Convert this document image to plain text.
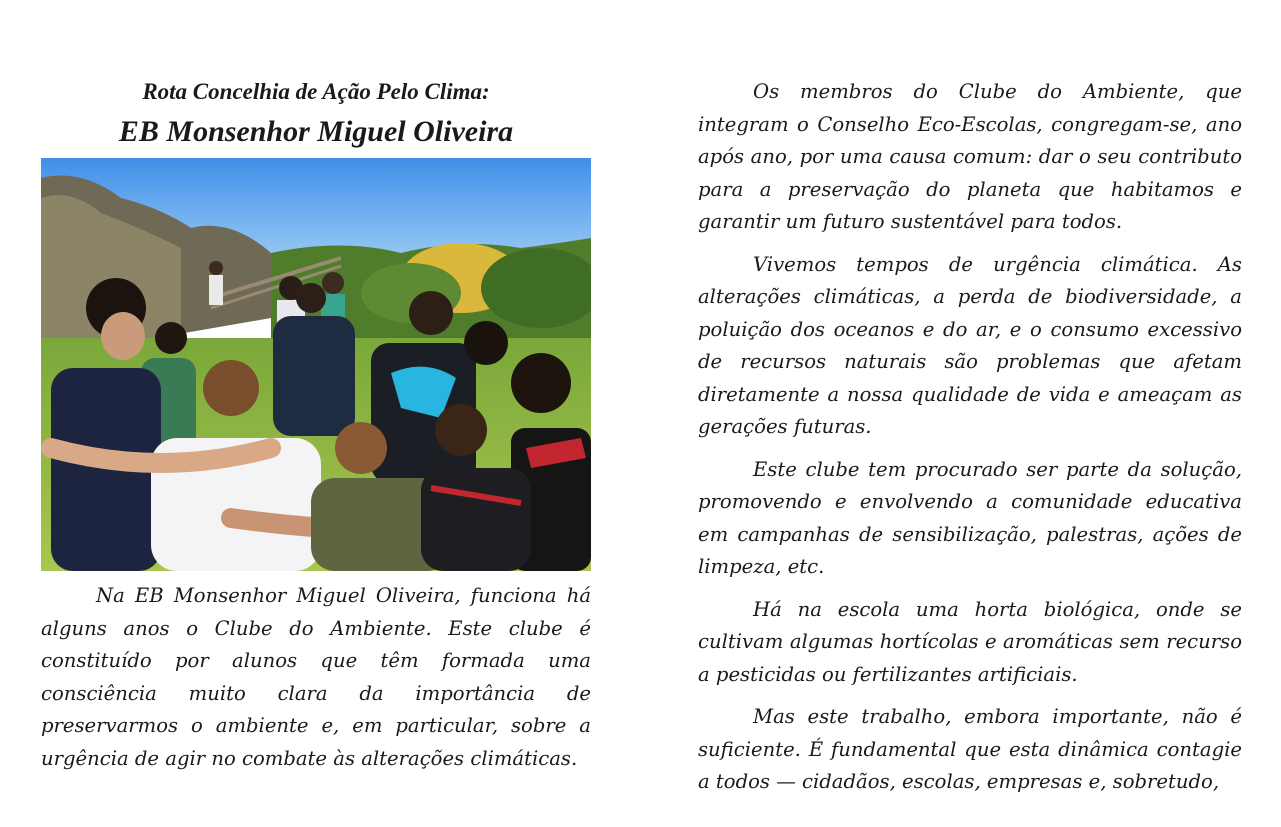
Rota Concelhia de Ação Pelo Clima:
EB Monsenhor Miguel Oliveira

Na EB Monsenhor Miguel Oliveira, funciona há alguns anos o Clube do Ambiente. Este clube é constituído por alunos que têm formada uma consciência muito clara da importância de preservarmos o ambiente e, em particular, sobre a urgência de agir no combate às alterações climáticas.

Os membros do Clube do Ambiente, que integram o Conselho Eco-Escolas, congregam-se, ano após ano, por uma causa comum: dar o seu contributo para a preservação do planeta que habitamos e garantir um futuro sustentável para todos.

Vivemos tempos de urgência climática. As alterações climáticas, a perda de biodiversidade, a poluição dos oceanos e do ar, e o consumo excessivo de recursos naturais são problemas que afetam diretamente a nossa qualidade de vida e ameaçam as gerações futuras.

Este clube tem procurado ser parte da solução, promovendo e envolvendo a comunidade educativa em campanhas de sensibilização, palestras, ações de limpeza, etc.

Há na escola uma horta biológica, onde se cultivam algumas hortícolas e aromáticas sem recurso a pesticidas ou fertilizantes artificiais.

Mas este trabalho, embora importante, não é suficiente. É fundamental que esta dinâmica contagie a todos — cidadãos, escolas, empresas e, sobretudo,
